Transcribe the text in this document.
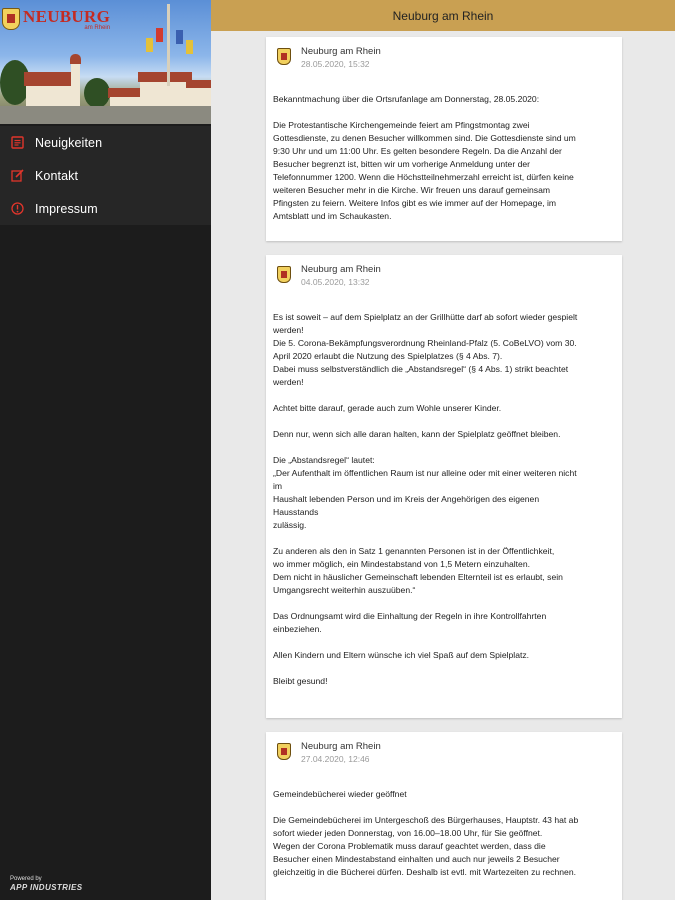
NEUBURG
am Rhein
Neuigkeiten
Kontakt
Impressum
Powered by
APP INDUSTRIES
Neuburg am Rhein
Neuburg am Rhein
28.05.2020, 15:32

Bekanntmachung über die Ortsrufanlage am Donnerstag, 28.05.2020:

Die Protestantische Kirchengemeinde feiert am Pfingstmontag zwei
Gottesdienste, zu denen Besucher willkommen sind. Die Gottesdienste sind um
9:30 Uhr und um 11:00 Uhr. Es gelten besondere Regeln. Da die Anzahl der
Besucher begrenzt ist, bitten wir um vorherige Anmeldung unter der
Telefonnummer 1200. Wenn die Höchstteilnehmerzahl erreicht ist, dürfen keine
weiteren Besucher mehr in die Kirche. Wir freuen uns darauf gemeinsam
Pfingsten zu feiern. Weitere Infos gibt es wie immer auf der Homepage, im
Amtsblatt und im Schaukasten.

Neuburg am Rhein
04.05.2020, 13:32

Es ist soweit – auf dem Spielplatz an der Grillhütte darf ab sofort wieder gespielt
werden!
Die 5. Corona-Bekämpfungsverordnung Rheinland-Pfalz (5. CoBeLVO) vom 30.
April 2020 erlaubt die Nutzung des Spielplatzes (§ 4 Abs. 7).
Dabei muss selbstverständlich die „Abstandsregel“ (§ 4 Abs. 1) strikt beachtet
werden!

Achtet bitte darauf, gerade auch zum Wohle unserer Kinder.

Denn nur, wenn sich alle daran halten, kann der Spielplatz geöffnet bleiben.

Die „Abstandsregel“ lautet:
„Der Aufenthalt im öffentlichen Raum ist nur alleine oder mit einer weiteren nicht
im
Haushalt lebenden Person und im Kreis der Angehörigen des eigenen
Hausstands
zulässig.

Zu anderen als den in Satz 1 genannten Personen ist in der Öffentlichkeit,
wo immer möglich, ein Mindestabstand von 1,5 Metern einzuhalten.
Dem nicht in häuslicher Gemeinschaft lebenden Elternteil ist es erlaubt, sein
Umgangsrecht weiterhin auszuüben.“

Das Ordnungsamt wird die Einhaltung der Regeln in ihre Kontrollfahrten
einbeziehen.

Allen Kindern und Eltern wünsche ich viel Spaß auf dem Spielplatz.

Bleibt gesund!

Neuburg am Rhein
27.04.2020, 12:46

Gemeindebücherei wieder geöffnet

Die Gemeindebücherei im Untergeschoß des Bürgerhauses, Hauptstr. 43 hat ab
sofort wieder jeden Donnerstag, von 16.00–18.00 Uhr, für Sie geöffnet.
Wegen der Corona Problematik muss darauf geachtet werden, dass die
Besucher einen Mindestabstand einhalten und auch nur jeweils 2 Besucher
gleichzeitig in die Bücherei dürfen. Deshalb ist evtl. mit Wartezeiten zu rechnen.
